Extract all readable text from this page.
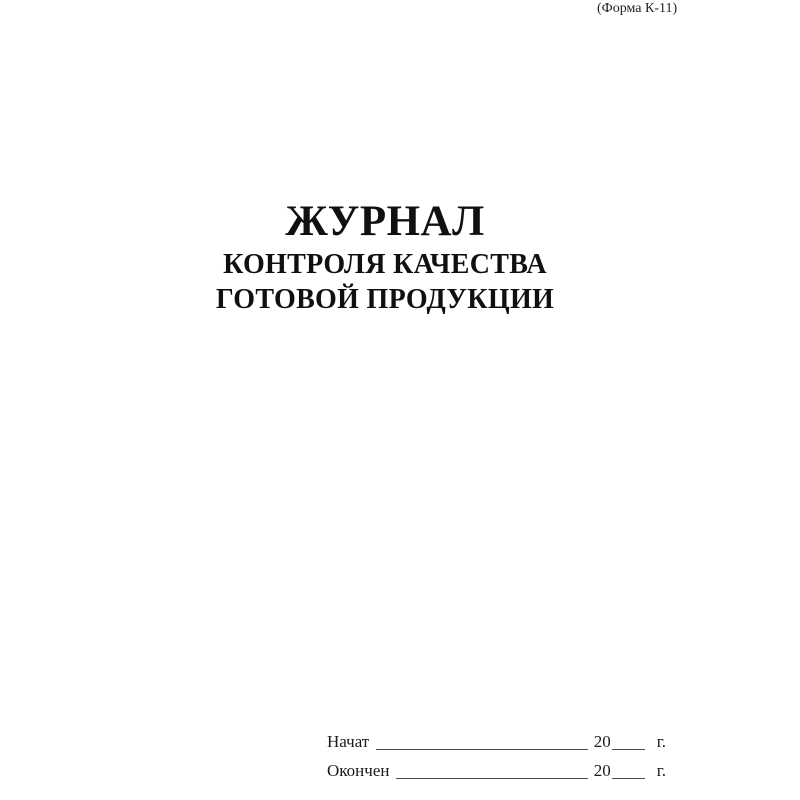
(Форма К-11)
ЖУРНАЛ
КОНТРОЛЯ КАЧЕСТВА
ГОТОВОЙ ПРОДУКЦИИ
Начат	20	г.
Окончен	20	г.
